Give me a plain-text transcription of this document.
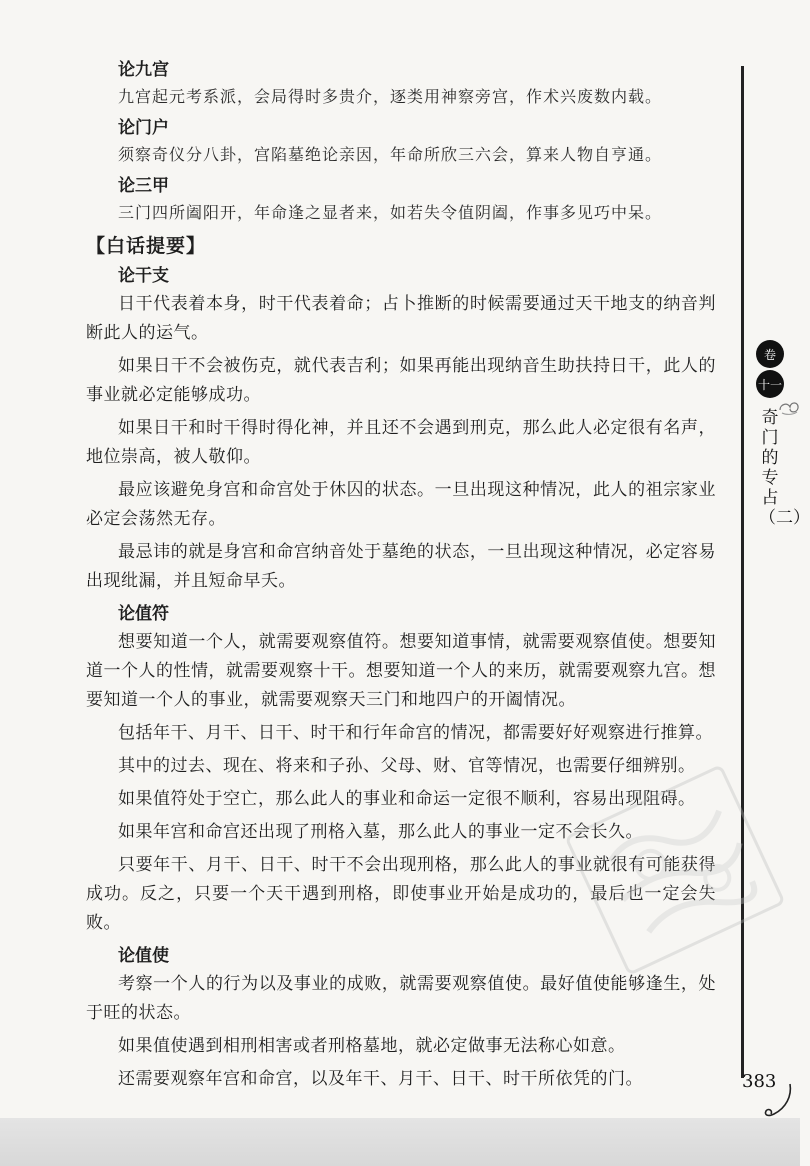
论九宫
九宫起元考系派，会局得时多贵介，逐类用神察旁宫，作术兴废数内载。
论门户
须察奇仪分八卦，宫陷墓绝论亲因，年命所欣三六会，算来人物自亨通。
论三甲
三门四所阖阳开，年命逢之显者来，如若失令值阴阖，作事多见巧中呆。
【白话提要】
论干支

日干代表着本身，时干代表着命；占卜推断的时候需要通过天干地支的纳音判断此人的运气。

如果日干不会被伤克，就代表吉利；如果再能出现纳音生助扶持日干，此人的事业就必定能够成功。

如果日干和时干得时得化神，并且还不会遇到刑克，那么此人必定很有名声，地位崇高，被人敬仰。

最应该避免身宫和命宫处于休囚的状态。一旦出现这种情况，此人的祖宗家业必定会荡然无存。

最忌讳的就是身宫和命宫纳音处于墓绝的状态，一旦出现这种情况，必定容易出现纰漏，并且短命早夭。

论值符

想要知道一个人，就需要观察值符。想要知道事情，就需要观察值使。想要知道一个人的性情，就需要观察十干。想要知道一个人的来历，就需要观察九宫。想要知道一个人的事业，就需要观察天三门和地四户的开阖情况。

包括年干、月干、日干、时干和行年命宫的情况，都需要好好观察进行推算。

其中的过去、现在、将来和子孙、父母、财、官等情况，也需要仔细辨别。

如果值符处于空亡，那么此人的事业和命运一定很不顺利，容易出现阻碍。

如果年宫和命宫还出现了刑格入墓，那么此人的事业一定不会长久。

只要年干、月干、日干、时干不会出现刑格，那么此人的事业就很有可能获得成功。反之，只要一个天干遇到刑格，即使事业开始是成功的，最后也一定会失败。

论值使

考察一个人的行为以及事业的成败，就需要观察值使。最好值使能够逢生，处于旺的状态。

如果值使遇到相刑相害或者刑格墓地，就必定做事无法称心如意。

还需要观察年宫和命宫，以及年干、月干、日干、时干所依凭的门。

卷
十一
奇门的专占（二）
383
